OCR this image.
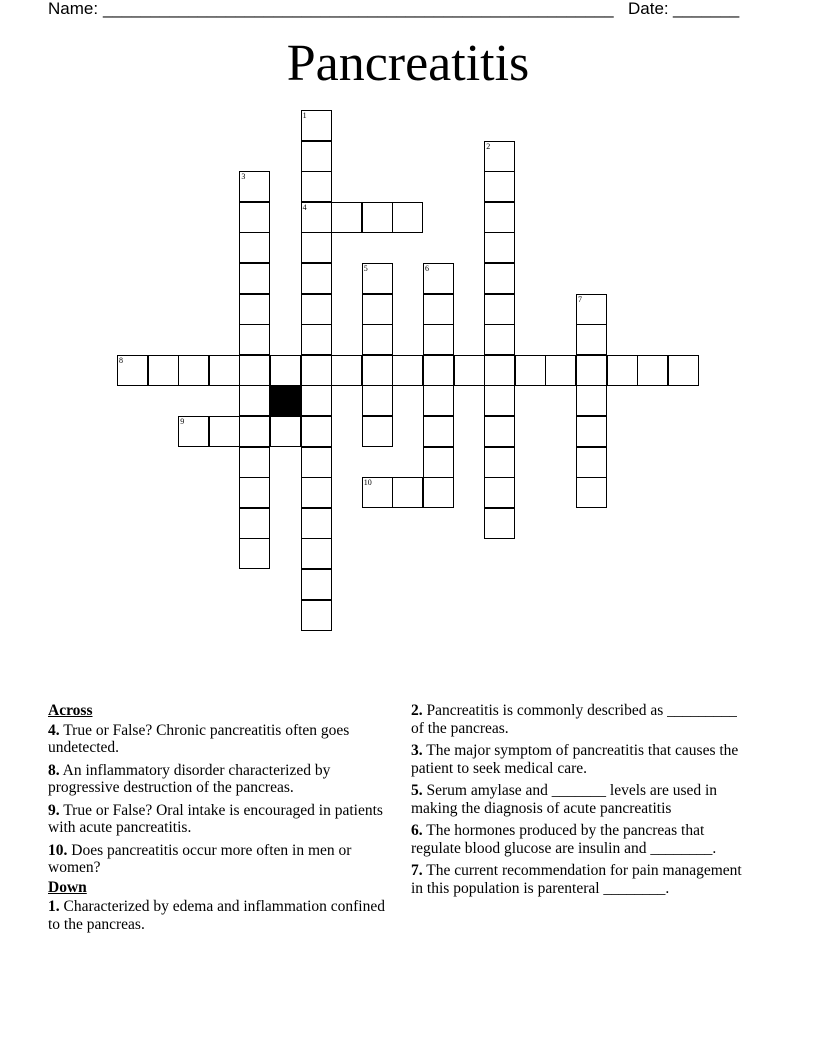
Name: ______________________________________________________ Date: _______
Pancreatitis
1
4
2
3
5	6
7
8
9
10
Across
4. True or False? Chronic pancreatitis often goes undetected.
8. An inflammatory disorder characterized by progressive destruction of the pancreas.
9. True or False? Oral intake is encouraged in patients with acute pancreatitis.
10. Does pancreatitis occur more often in men or women?
Down
1. Characterized by edema and inflammation confined to the pancreas.
2. Pancreatitis is commonly described as _________ of the pancreas.
3. The major symptom of pancreatitis that causes the patient to seek medical care.
5. Serum amylase and _______ levels are used in making the diagnosis of acute pancreatitis
6. The hormones produced by the pancreas that regulate blood glucose are insulin and ________.
7. The current recommendation for pain management in this population is parenteral ________.
